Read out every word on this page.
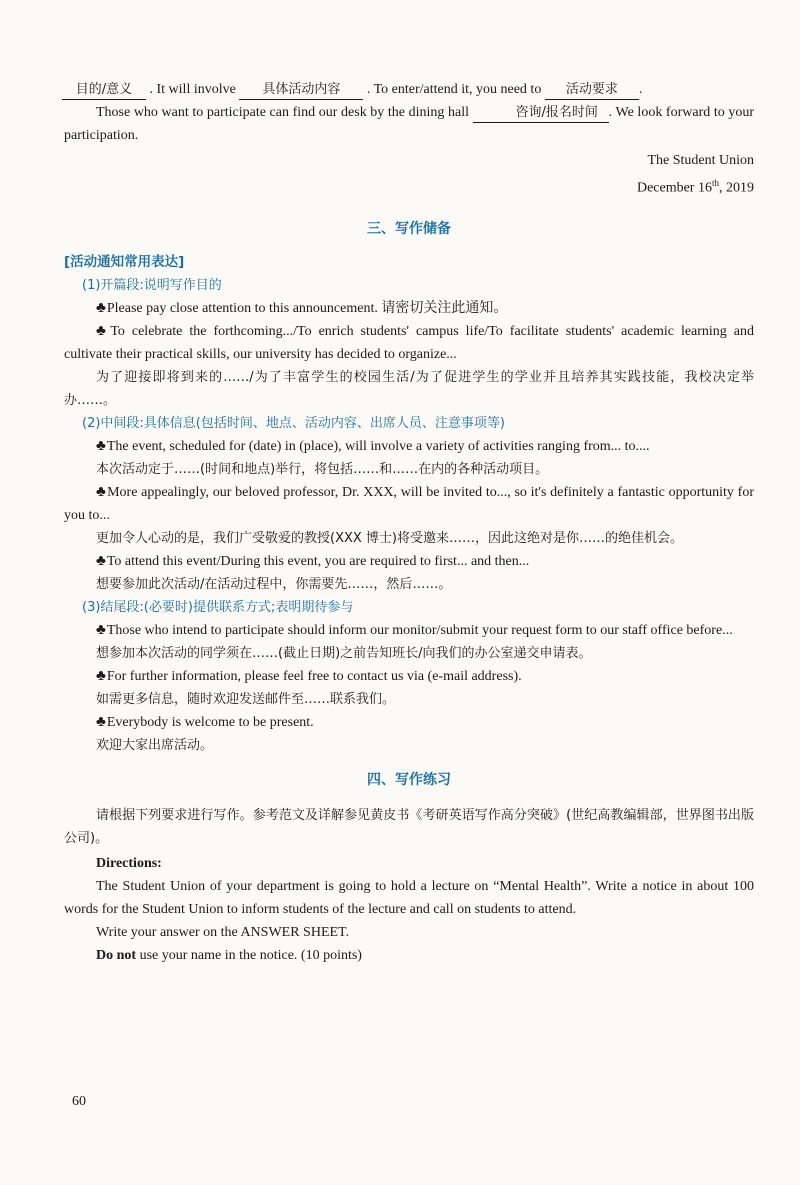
目的/意义 . It will involve 具体活动内容 . To enter/attend it, you need to 活动要求 .

Those who want to participate can find our desk by the dining hall	咨询/报名时间 . We look forward to your participation.

The Student Union

December 16th, 2019

三、写作储备

[活动通知常用表达]

(1)开篇段:说明写作目的

♣Please pay close attention to this announcement. 请密切关注此通知。

♣To celebrate the forthcoming.../To enrich students' campus life/To facilitate students' academic learning and cultivate their practical skills, our university has decided to organize...

为了迎接即将到来的……/为了丰富学生的校园生活/为了促进学生的学业并且培养其实践技能，我校决定举办……。

(2)中间段:具体信息(包括时间、地点、活动内容、出席人员、注意事项等)

♣The event, scheduled for (date) in (place), will involve a variety of activities ranging from... to....

本次活动定于……(时间和地点)举行，将包括……和……在内的各种活动项目。

♣More appealingly, our beloved professor, Dr. XXX, will be invited to..., so it's definitely a fantastic opportunity for you to...

更加令人心动的是，我们广受敬爱的教授(XXX 博士)将受邀来……，因此这绝对是你……的绝佳机会。

♣To attend this event/During this event, you are required to first... and then...

想要参加此次活动/在活动过程中，你需要先……，然后……。

(3)结尾段:(必要时)提供联系方式;表明期待参与

♣Those who intend to participate should inform our monitor/submit your request form to our staff office before...

想参加本次活动的同学须在……(截止日期)之前告知班长/向我们的办公室递交申请表。

♣For further information, please feel free to contact us via (e-mail address).

如需更多信息，随时欢迎发送邮件至……联系我们。

♣Everybody is welcome to be present.

欢迎大家出席活动。

四、写作练习

请根据下列要求进行写作。参考范文及详解参见黄皮书《考研英语写作高分突破》(世纪高教编辑部，世界图书出版公司)。

Directions:

The Student Union of your department is going to hold a lecture on “Mental Health”. Write a notice in about 100 words for the Student Union to inform students of the lecture and call on students to attend.

Write your answer on the ANSWER SHEET.

Do not use your name in the notice. (10 points)

60
